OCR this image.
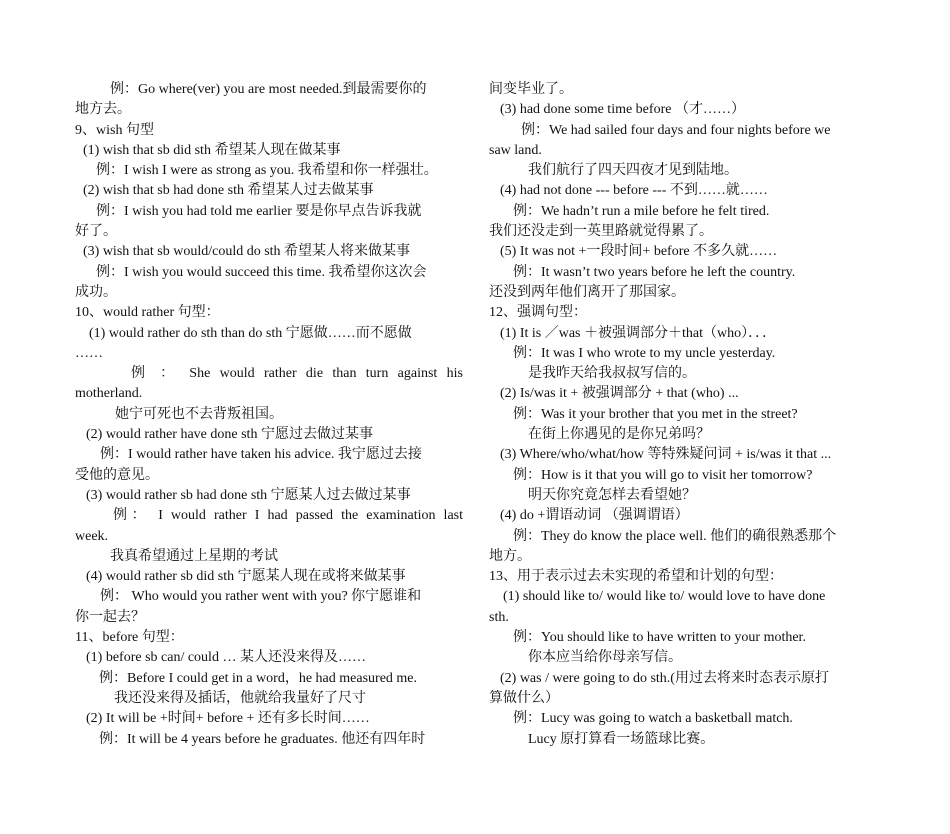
例：Go where(ver) you are most needed.到最需要你的
地方去。
9、wish 句型
(1) wish that sb did sth 希望某人现在做某事
例：I wish I were as strong as you. 我希望和你一样强壮。
(2) wish that sb had done sth 希望某人过去做某事
例：I wish you had told me earlier 要是你早点告诉我就
好了。
(3) wish that sb would/could do sth 希望某人将来做某事
例：I wish you would succeed this time. 我希望你这次会
成功。
10、would rather 句型：
(1) would rather do sth than do sth 宁愿做……而不愿做
……
例 ： She would rather die than turn against his
motherland.
她宁可死也不去背叛祖国。
(2) would rather have done sth 宁愿过去做过某事
例：I would rather have taken his advice. 我宁愿过去接
受他的意见。
(3) would rather sb had done sth 宁愿某人过去做过某事
例： I would rather I had passed the examination last
week.
我真希望通过上星期的考试
(4) would rather sb did sth 宁愿某人现在或将来做某事
例： Who would you rather went with you? 你宁愿谁和
你一起去？
11、before 句型：
(1) before sb can/ could … 某人还没来得及……
例：Before I could get in a word，he had measured me.
我还没来得及插话，他就给我量好了尺寸
(2) It will be +时间+ before + 还有多长时间……
例：It will be 4 years before he graduates. 他还有四年时
间变毕业了。
(3) had done some time before （才……）
例：We had sailed four days and four nights before we
saw land.
我们航行了四天四夜才见到陆地。
(4) had not done --- before --- 不到……就……
例：We hadn’t run a mile before he felt tired.
我们还没走到一英里路就觉得累了。
(5) It was not +一段时间+ before 不多久就……
例：It wasn’t two years before he left the country.
还没到两年他们离开了那国家。
12、强调句型：
(1) It is ／was ＋被强调部分＋that（who）．．．
例：It was I who wrote to my uncle yesterday.
是我昨天给我叔叔写信的。
(2) Is/was it + 被强调部分 + that (who) ...
例：Was it your brother that you met in the street?
在街上你遇见的是你兄弟吗？
(3) Where/who/what/how 等特殊疑问词 + is/was it that ...
例：How is it that you will go to visit her tomorrow?
明天你究竟怎样去看望她？
(4) do +谓语动词 （强调谓语）
例：They do know the place well. 他们的确很熟悉那个
地方。
13、用于表示过去未实现的希望和计划的句型：
(1) should like to/ would like to/ would love to have done
sth.
例：You should like to have written to your mother.
你本应当给你母亲写信。
(2) was / were going to do sth.(用过去将来时态表示原打
算做什么）
例：Lucy was going to watch a basketball match.
Lucy 原打算看一场篮球比赛。
